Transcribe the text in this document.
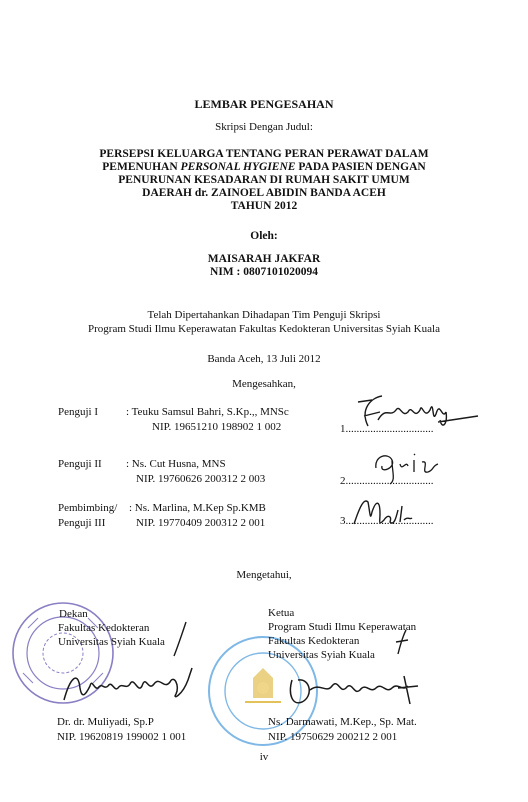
LEMBAR PENGESAHAN
Skripsi Dengan Judul:
PERSEPSI KELUARGA TENTANG PERAN PERAWAT DALAM
PEMENUHAN PERSONAL HYGIENE PADA PASIEN DENGAN
PENURUNAN KESADARAN DI RUMAH SAKIT UMUM
DAERAH dr. ZAINOEL ABIDIN BANDA ACEH
TAHUN 2012
Oleh:
MAISARAH JAKFAR
NIM : 0807101020094
Telah Dipertahankan Dihadapan Tim Penguji Skripsi
Program Studi Ilmu Keperawatan Fakultas Kedokteran Universitas Syiah Kuala
Banda Aceh, 13 Juli 2012
Mengesahkan,
Penguji I	: Teuku Samsul Bahri, S.Kp.,, MNSc
NIP. 19651210 198902 1 002	1................................
Penguji II : Ns. Cut Husna, MNS
NIP. 19760626 200312 2 003	2................................
Pembimbing/
Penguji III
: Ns. Marlina, M.Kep Sp.KMB
NIP. 19770409 200312 2 001	3................................
Mengetahui,
Dekan
Fakultas Kedokteran
Universitas Syiah Kuala
Dr. dr. Muliyadi, Sp.P
NIP. 19620819 199002 1 001
Ketua
Program Studi Ilmu Keperawatan
Fakultas Kedokteran
Universitas Syiah Kuala
Ns. Darmawati, M.Kep., Sp. Mat.
NIP. 19750629 200212 2 001
iv
